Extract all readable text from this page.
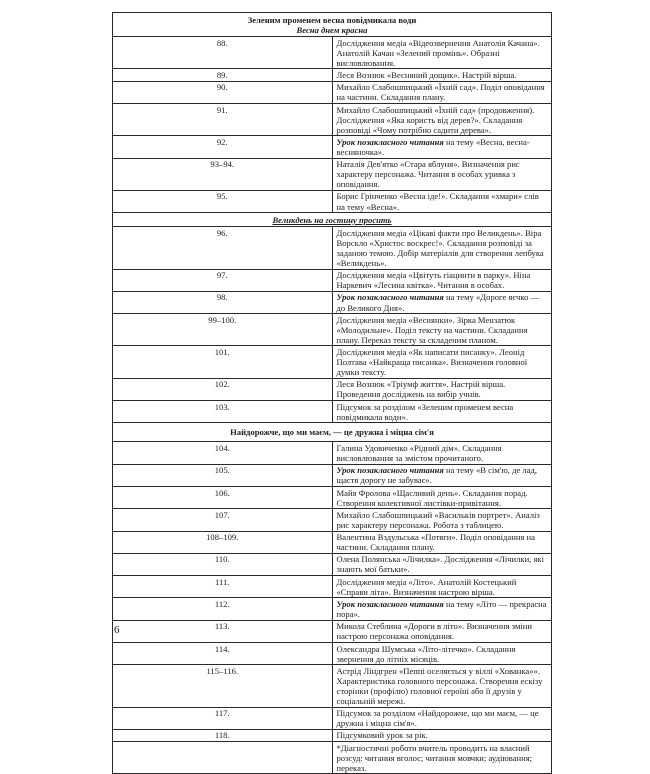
Зеленим променем весна повідмикала води
Весна днем красна	

88.	Дослідження медіа «Відеозвернення Анатолія Качана». Анатолій Качан «Зелений промінь». Образні висловлювання.
89.	Леся Вознюк «Весняний дощик». Настрій вірша.
90.	Михайло Слабошпицький «Їхній сад». Поділ оповідання на частини. Складання плану.
91.	Михайло Слабошпицький «Їхній сад» (продовження). Дослідження «Яка користь від дерев?». Складання розповіді «Чому потрібно садити дерева».
92.	Урок позакласного читання на тему «Весна, весна-весняночка».
93–94.	Наталія Дев'ятко «Стара яблуня». Визначення рис характеру персонажа. Читання в особах уривка з оповідання.
95.	Борис Грінченко «Весна іде!». Складання «хмари» слів на тему «Весна».

Великдень на гостину просить	

96.	Дослідження медіа «Цікаві факти про Великдень». Віра Ворскло «Христос воскрес!». Складання розповіді за заданою темою. Добір матеріалів для створення лепбука «Великдень».
97.	Дослідження медіа «Цвітуть гіацинти в парку». Ніна Наркевич «Лесина квітка». Читання в особах.
98.	Урок позакласного читання на тему «Дороге яєчко — до Великого Дня».
99–100.	Дослідження медіа «Веснянки». Зірка Мензатюк «Молодильне». Поділ тексту на частини. Складання плану. Переказ тексту за складеним планом.
101.	Дослідження медіа «Як написати писанку». Леонід Полтава «Найкраща писанка». Визначення головної думки тексту.
102.	Леся Вознюк «Тріумф життя». Настрій вірша. Проведення досліджень на вибір учнів.
103.	Підсумок за розділом «Зеленим променем весна повідмикала води».

Найдорожче, що ми маєм, — це дружна і міцна сім'я	

104.	Галина Удовиченко «Рідний дім». Складання висловлювання за змістом прочитаного.
105.	Урок позакласного читання на тему «В сім'ю, де лад, щастя дорогу не забуває».
106.	Майя Фролова «Щасливий день». Складання порад. Створення колективної листівки-привітання.
107.	Михайло Слабошпицький «Васильків портрет». Аналіз рис характеру персонажа. Робота з таблицею.
108–109.	Валентина Вздульська «Потяги». Поділ оповідання на частини. Складання плану.
110.	Олена Полянська «Лічилка». Дослідження «Лічилки, які знають мої батьки».
111.	Дослідження медіа «Літо». Анатолій Костецький «Справи літа». Визначення настрою вірша.
112.	Урок позакласного читання на тему «Літо — прекрасна пора».
113.	Микола Стеблина «Дороги в літо». Визначення зміни настрою персонажа оповідання.
114.	Олександра Шумська «Літо-літечко». Складання звернення до літніх місяців.
115–116.	Астрід Ліндгрен «Пеппі оселяється у віллі «Хованка»». Характеристика головного персонажа. Створення ескізу сторінки (профілю) головної героїні або її друзів у соціальній мережі.
117.	Підсумок за розділом «Найдорожче, що ми маєм, — це дружна і міцна сім'я».
118.	Підсумковий урок за рік.
	*Діагностичні роботи вчитель проводить на власний розсуд: читання вголос; читання мовчки; аудіювання; переказ.
6
